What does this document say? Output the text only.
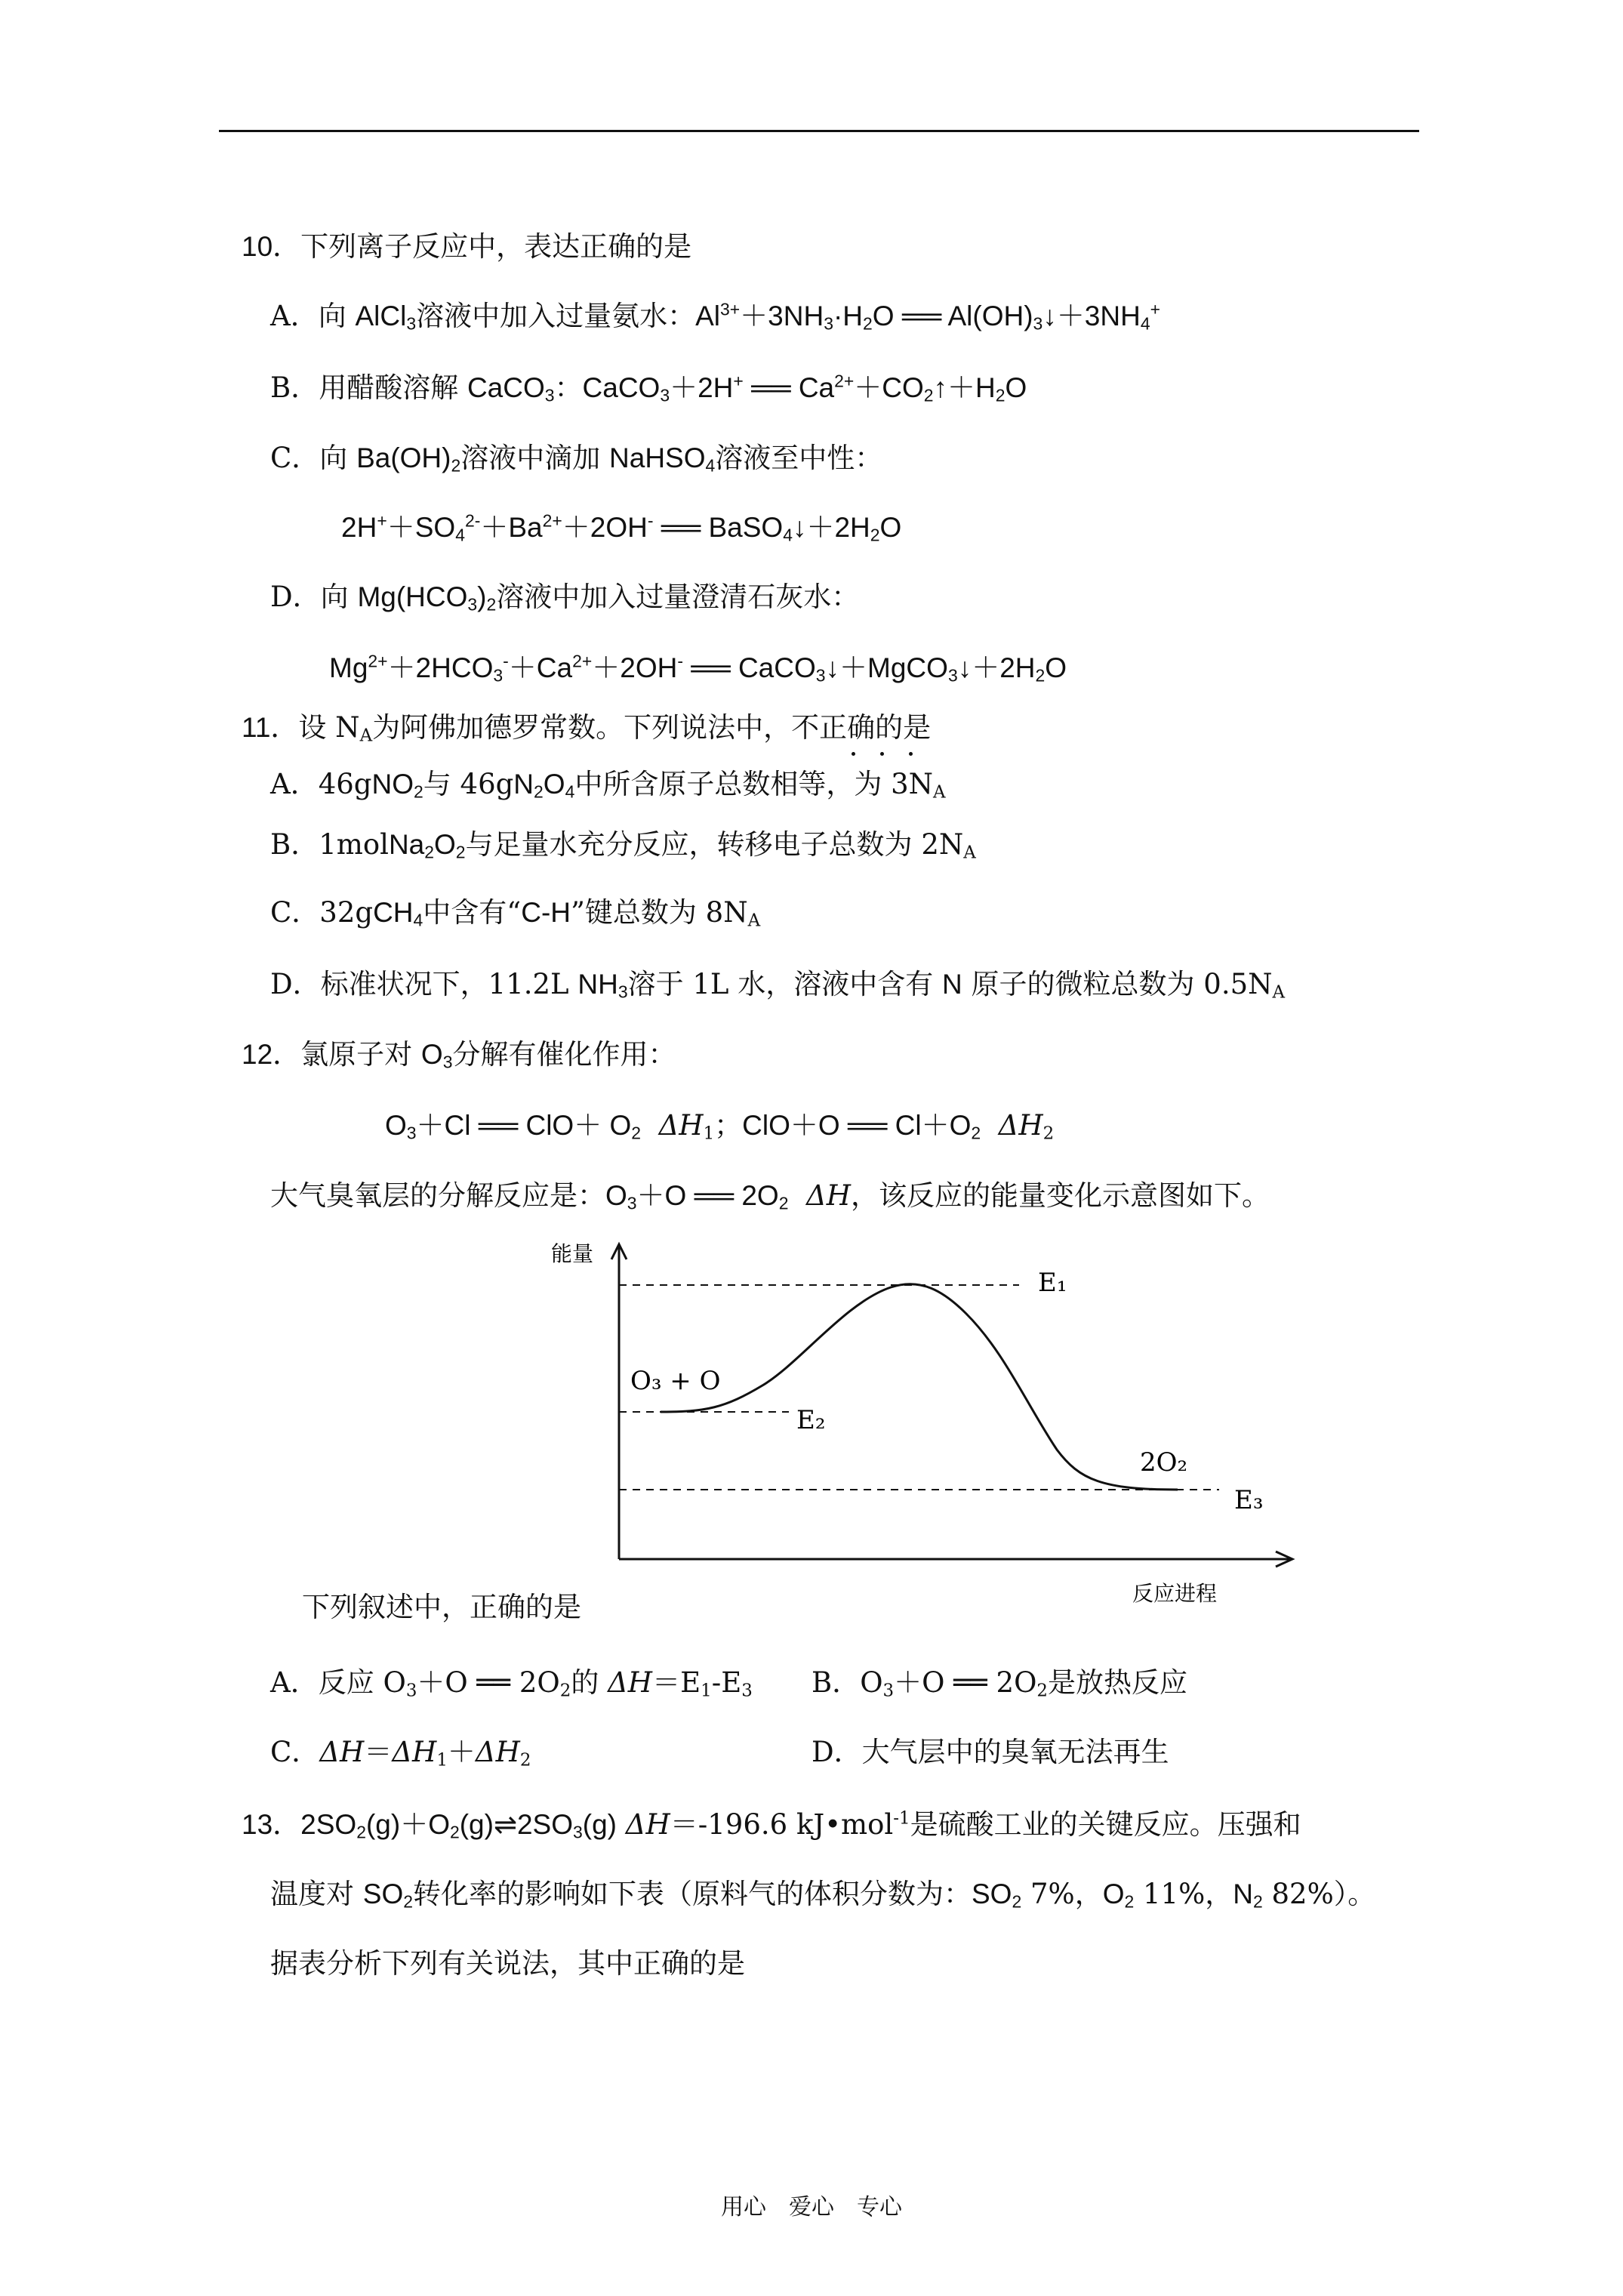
10．下列离子反应中，表达正确的是
A．向 AlCl$_3$溶液中加入过量氨水：$Al^{3+}+3NH_3\cdot H_2O$ ══ $Al(OH)_3↓+3NH_4^+$
B．用醋酸溶解 CaCO$_3$：CaCO$_3$＋2H+ ══ $Ca^{2+}+CO_2↑+H_2O$
C．向 $Ba(OH)_2$溶液中滴加 NaHSO$_4$溶液至中性：
$2H^++SO_4^{2-}+Ba^{2+}+2OH^-$ ══ $BaSO_4↓+2H_2O$
D．向 $Mg(HCO_3)_2$溶液中加入过量澄清石灰水：
$Mg^{2+}+2HCO_3^-+Ca^{2+}+2OH^-$ ══ $CaCO_3↓+MgCO_3↓+2H_2O$
11．设 $N_A$为阿佛加德罗常数。下列说法中，不正确的是
A．46gNO$_2$与 $46gN_2O_4$中所含原子总数相等，为 $3N_A$
B．$1molNa_2O_2$与足量水充分反应，转移电子总数为 $2N_A$
C．32gCH$_4$中含有“C-H”键总数为 $8N_A$
D．标准状况下，11.2L $NH_3$溶于 1L 水，溶液中含有 N 原子的微粒总数为 $0.5N_A$
12．氯原子对 $O_3$分解有催化作用：
$O_3+Cl$ ══ $ClO+ O_2$ $\Delta H_1$；ClO＋O ══ $Cl+O_2$ $\Delta H_2$
大气臭氧层的分解反应是：$O_3+O$ ══ $2O_2$ ΔH，该反应的能量变化示意图如下。
能量
反应进程
E₁
E₂
E₃
O₃ + O
2O₂
下列叙述中，正确的是
A．反应 $O_3+O$ ══ $2O_2$的 $\Delta H=E_1-E_3$ B．$O_3+O$ ══ $2O_2$是放热反应
C．$\Delta H=\Delta H_1+\Delta H_2$	D．大气层中的臭氧无法再生
13．$2SO_2(g)+O_2(g)\rightleftharpoons 2SO_3(g)$ ΔH＝-196.6 kJ•mol$^{-1}$是硫酸工业的关键反应。压强和
温度对 $SO_2$转化率的影响如下表（原料气的体积分数为：$SO_2$ 7%，$O_2$ 11%，$N_2$ 82%）。
据表分析下列有关说法，其中正确的是
用心　爱心　专心
